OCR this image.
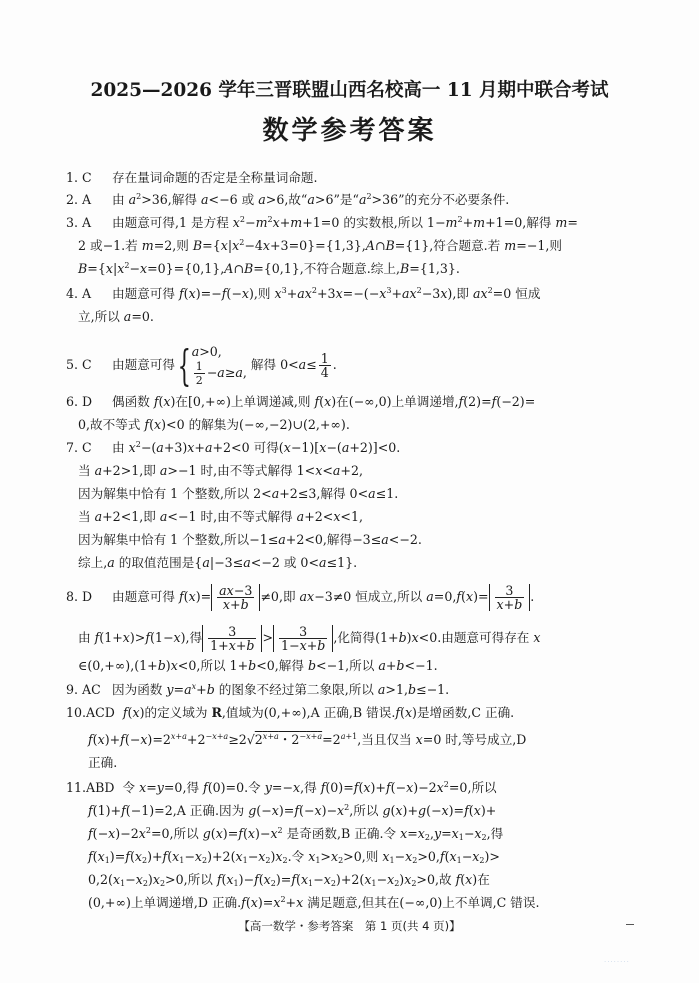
2025—2026 学年三晋联盟山西名校高一 11 月期中联合考试
数学参考答案
1. C 存在量词命题的否定是全称量词命题.
2. A 由 $a^2>36$,解得 a<−6 或 a>6,故“a>6”是“$a^2>36$”的充分不必要条件.
3. A 由题意可得,1 是方程 $x^2-m^2x+m+1=0$ 的实数根,所以 $1-m^2+m+1=0$,解得 m=
2 或−1.若 m=2,则 $B=\{x|x^2-4x+3=0\}=\{1,3\},A\cap B=\{1\}$,符合题意.若 m=−1,则
$B=\{x|x^2-x=0\}=\{0,1\},A\cap B=\{0,1\}$,不符合题意.综上,B={1,3}.
4. A 由题意可得 f(x)=−f(−x),则 $x^3+ax^2+3x=-(-x^3+ax^2-3x)$,即 $ax^2=0$ 恒成
立,所以 a=0.
5. C 由题意可得{ a>0,
$\frac{1}{2} -a\ge a$,
解得 $0<a\le \frac{1}{4}$ .
6. D 偶函数 f(x)在[0,+∞)上单调递减,则 f(x)在(−∞,0)上单调递增,f(2)=f(−2)=
0,故不等式 f(x)<0 的解集为(−∞,−2)∪(2,+∞).
7. C 由 $x^2-(a+3)x+a+2<0$ 可得(x−1)[x−(a+2)]<0.
当 a+2>1,即 a>−1 时,由不等式解得 1<x<a+2,
因为解集中恰有 1 个整数,所以 2<a+2≤3,解得 0<a≤1.
当 a+2<1,即 a<−1 时,由不等式解得 a+2<x<1,
因为解集中恰有 1 个整数,所以−1≤a+2<0,解得−3≤a<−2.
综上,a 的取值范围是{a|−3≤a<−2 或 0<a≤1}.
8. D 由题意可得 $f(x)= \frac{ax-3}{x+b} \ne 0$,即 ax−3≠0 恒成立,所以 $a=0,f(x)= \frac{3}{x+b}$ .
由 f(1+x)>f(1−x),得 $\frac{3}{1+x+b} > \frac{3}{1-x+b}$ ,化简得(1+b)x<0.由题意可得存在 x
∈(0,+∞),(1+b)x<0,所以 1+b<0,解得 b<−1,所以 a+b<−1.
9. AC 因为函数 $y=a^x+b$ 的图象不经过第二象限,所以 a>1,b≤−1.
10.ACD f(x)的定义域为 R,值域为(0,+∞),A 正确,B 错误.f(x)是增函数,C 正确.
$f(x)+f(-x)=2^{x+a}+2^{-x+a}\ge 2√2^{x+a}$・$2^{-x+a}=2^{a+1}$,当且仅当 x=0 时,等号成立,D
正确.
11.ABD  令 x=y=0,得 f(0)=0.令 y=−x,得 $f(0)=f(x)+f(-x)-2x^2=0$,所以
f(1)+f(−1)=2,A 正确.因为 $g(-x)=f(-x)-x^2$,所以 g(x)+g(−x)=f(x)+
$f(-x)-2x^2=0$,所以 $g(x)=f(x)-x^2$ 是奇函数,B 正确.令 $x=x_2,y=x_1-x_2$,得
$f(x_1)=f(x_2)+f(x_1-x_2)+2(x_1-x_2)x_2$.令 $x_1>x_2>0$,则 $x_1-x_2>0,f(x_1-x_2)>$
$0,2(x_1-x_2)x_2>0$,所以 $f(x_1)-f(x_2)=f(x_1-x_2)+2(x_1-x_2)x_2>0$,故 f(x)在
(0,+∞)上单调递增,D 正确$.f(x)=x^2+x$ 满足题意,但其在(−∞,0)上不单调,C 错误.
【高一数学・参考答案　第 1 页(共 4 页)】
········
